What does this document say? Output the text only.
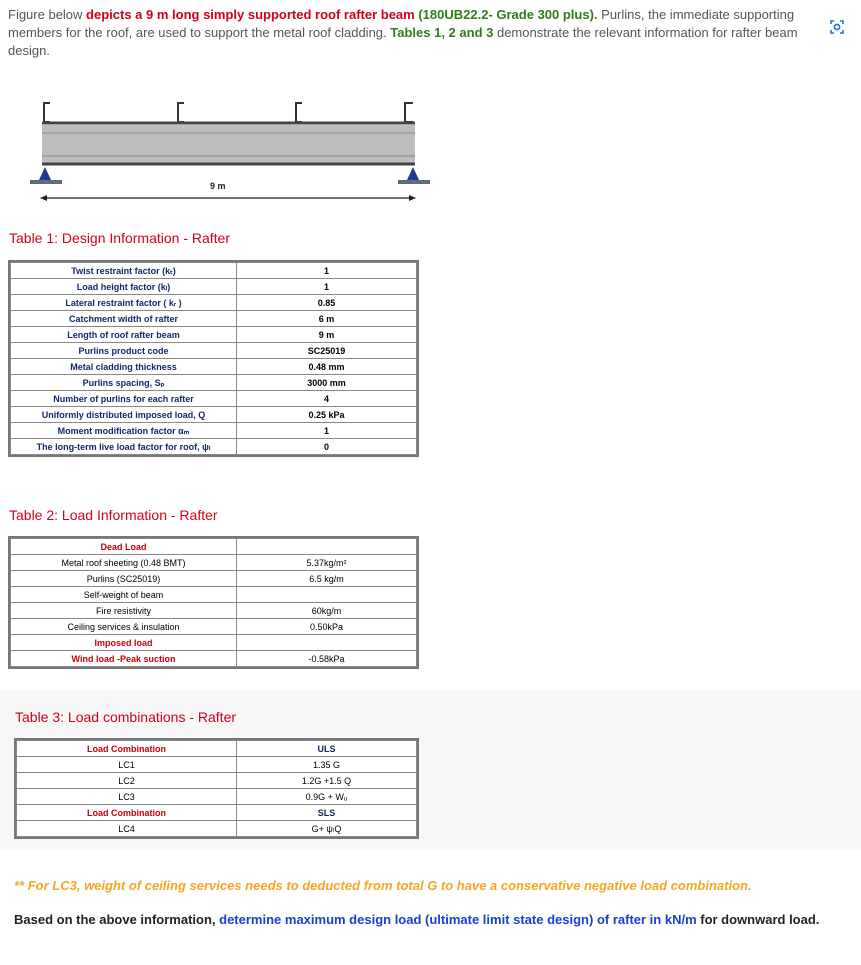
Figure below depicts a 9 m long simply supported roof rafter beam (180UB22.2- Grade 300 plus). Purlins, the immediate supporting members for the roof, are used to support the metal roof cladding. Tables 1, 2 and 3 demonstrate the relevant information for rafter beam design.
9 m
Table 1: Design Information - Rafter
Twist restraint factor (kₜ)	1
Load height factor (kₗ)	1
Lateral restraint factor ( kᵣ )	0.85
Catchment width of rafter	6 m
Length of roof rafter beam	9 m
Purlins product code	SC25019
Metal cladding thickness	0.48 mm
Purlins spacing, Sₚ	3000 mm
Number of purlins for each rafter	4
Uniformly distributed imposed load, Q	0.25 kPa
Moment modification factor αₘ	1
The long-term live load factor for roof, ψₗ	0
Table 2: Load Information - Rafter
Dead Load	
Metal roof sheeting (0.48 BMT)	5.37kg/m²
Purlins (SC25019)	6.5 kg/m
Self-weight of beam	
Fire resistivity	60kg/m
Ceiling services & insulation	0.50kPa
Imposed load	
Wind load -Peak suction	-0.58kPa
Table 3: Load combinations - Rafter
Load Combination	ULS
LC1	1.35 G
LC2	1.2G +1.5 Q
LC3	0.9G + Wᵤ
Load Combination	SLS
LC4	G+ ψₗQ
** For LC3, weight of ceiling services needs to deducted from total G to have a conservative negative load combination.
Based on the above information, determine maximum design load (ultimate limit state design) of rafter in kN/m for downward load.
